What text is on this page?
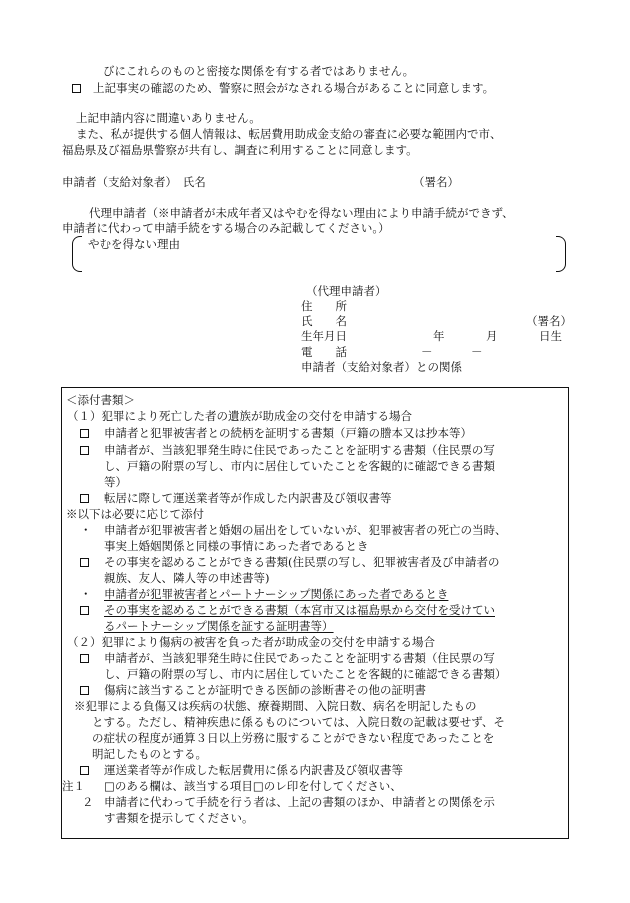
びにこれらのものと密接な関係を有する者ではありません。
上記事実の確認のため、警察に照会がなされる場合があることに同意します。
上記申請内容に間違いありません。
また、私が提供する個人情報は、転居費用助成金支給の審査に必要な範囲内で市、
福島県及び福島県警察が共有し、調査に利用することに同意します。
申請者（支給対象者）　氏名	（署名）
代理申請者（※申請者が未成年者又はやむを得ない理由により申請手続ができず、
申請者に代わって申請手続をする場合のみ記載してください。）
やむを得ない理由
（代理申請者）
住　　所
氏　　名	（署名）
生年月日	年	月	日生
電　　話	－	－
申請者（支給対象者）との関係
＜添付書類＞
（１）犯罪により死亡した者の遺族が助成金の交付を申請する場合
申請者と犯罪被害者との続柄を証明する書類（戸籍の謄本又は抄本等）
申請者が、当該犯罪発生時に住民であったことを証明する書類（住民票の写
し、戸籍の附票の写し、市内に居住していたことを客観的に確認できる書類
等）
転居に際して運送業者等が作成した内訳書及び領収書等
※以下は必要に応じて添付
・ 申請者が犯罪被害者と婚姻の届出をしていないが、犯罪被害者の死亡の当時、
事実上婚姻関係と同様の事情にあった者であるとき
その事実を認めることができる書類(住民票の写し、犯罪被害者及び申請者の
親族、友人、隣人等の申述書等)
・ 申請者が犯罪被害者とパートナーシップ関係にあった者であるとき
その事実を認めることができる書類（本宮市又は福島県から交付を受けてい
るパートナーシップ関係を証する証明書等）
（２）犯罪により傷病の被害を負った者が助成金の交付を申請する場合
申請者が、当該犯罪発生時に住民であったことを証明する書類（住民票の写
し、戸籍の附票の写し、市内に居住していたことを客観的に確認できる書類）
傷病に該当することが証明できる医師の診断書その他の証明書
※犯罪による負傷又は疾病の状態、療養期間、入院日数、病名を明記したもの
とする。ただし、精神疾患に係るものについては、入院日数の記載は要せず、そ
の症状の程度が通算３日以上労務に服することができない程度であったことを
明記したものとする。
運送業者等が作成した転居費用に係る内訳書及び領収書等
注１ □のある欄は、該当する項目□のレ印を付してください、
２ 申請者に代わって手続を行う者は、上記の書類のほか、申請者との関係を示
す書類を提示してください。
